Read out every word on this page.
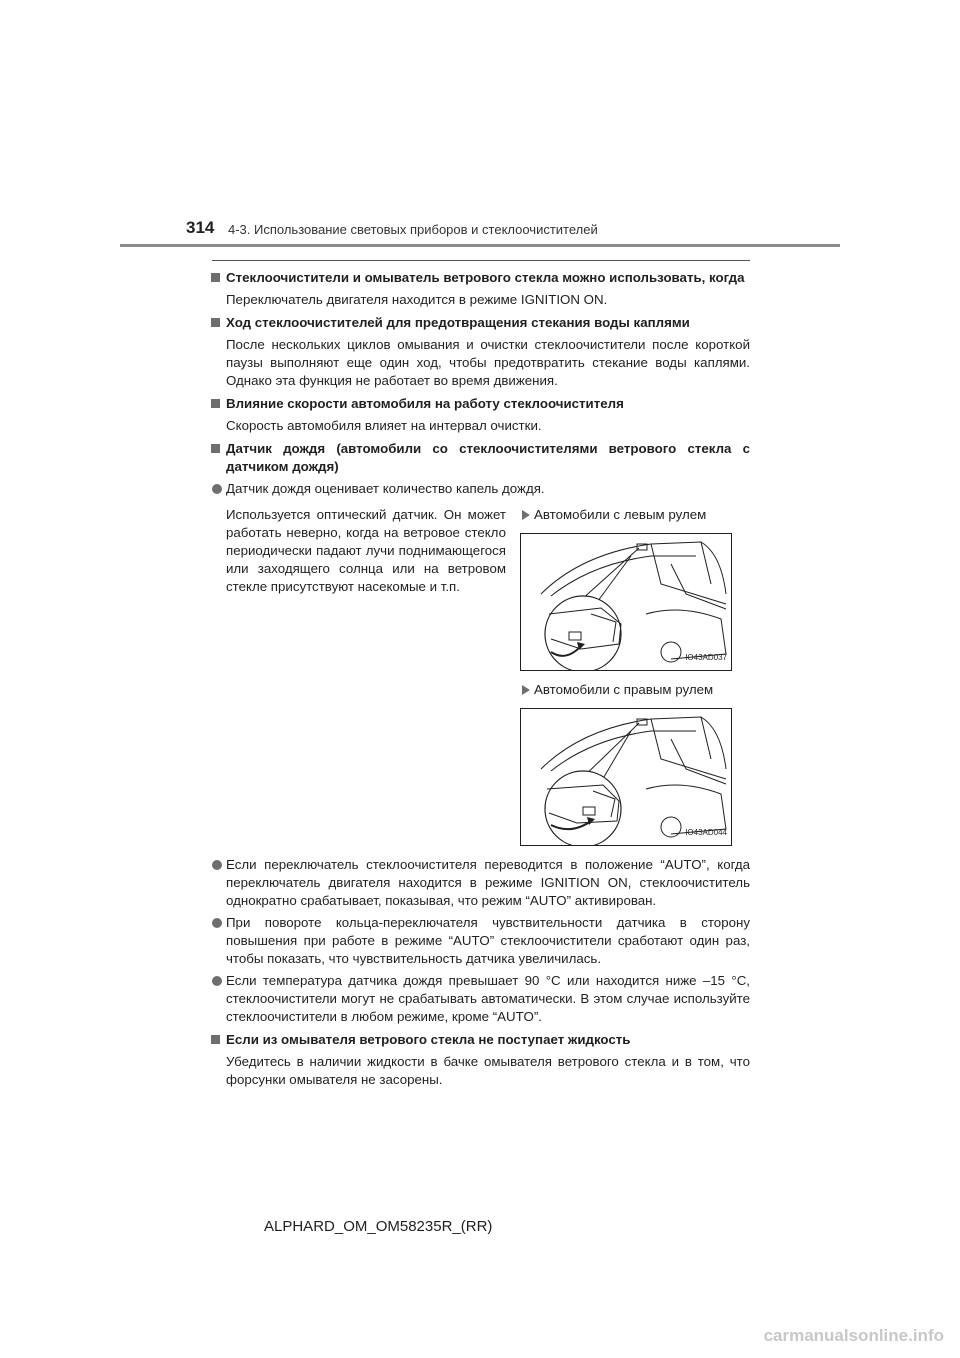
314 4-3. Использование световых приборов и стеклоочистителей
Стеклоочистители и омыватель ветрового стекла можно использовать, когда
Переключатель двигателя находится в режиме IGNITION ON.
Ход стеклоочистителей для предотвращения стекания воды каплями
После нескольких циклов омывания и очистки стеклоочистители после короткой паузы выполняют еще один ход, чтобы предотвратить стекание воды каплями. Однако эта функция не работает во время движения.
Влияние скорости автомобиля на работу стеклоочистителя
Скорость автомобиля влияет на интервал очистки.
Датчик дождя (автомобили со стеклоочистителями ветрового стекла с датчиком дождя)
Датчик дождя оценивает количество капель дождя.
Используется оптический датчик. Он может работать неверно, когда на ветровое стекло периодически падают лучи поднимающегося или заходящего солнца или на ветровом стекле присутствуют насекомые и т.п.
Автомобили с левым рулем
IO43AD037
Автомобили с правым рулем
IO43AD044
Если переключатель стеклоочистителя переводится в положение “AUTO”, когда переключатель двигателя находится в режиме IGNITION ON, стеклоочиститель однократно срабатывает, показывая, что режим “AUTO” активирован.
При повороте кольца-переключателя чувствительности датчика в сторону повышения при работе в режиме “AUTO” стеклоочистители сработают один раз, чтобы показать, что чувствительность датчика увеличилась.
Если температура датчика дождя превышает 90 °C или находится ниже –15 °C, стеклоочистители могут не срабатывать автоматически. В этом случае используйте стеклоочистители в любом режиме, кроме “AUTO”.
Если из омывателя ветрового стекла не поступает жидкость
Убедитесь в наличии жидкости в бачке омывателя ветрового стекла и в том, что форсунки омывателя не засорены.
ALPHARD_OM_OM58235R_(RR)
carmanualsonline.info
